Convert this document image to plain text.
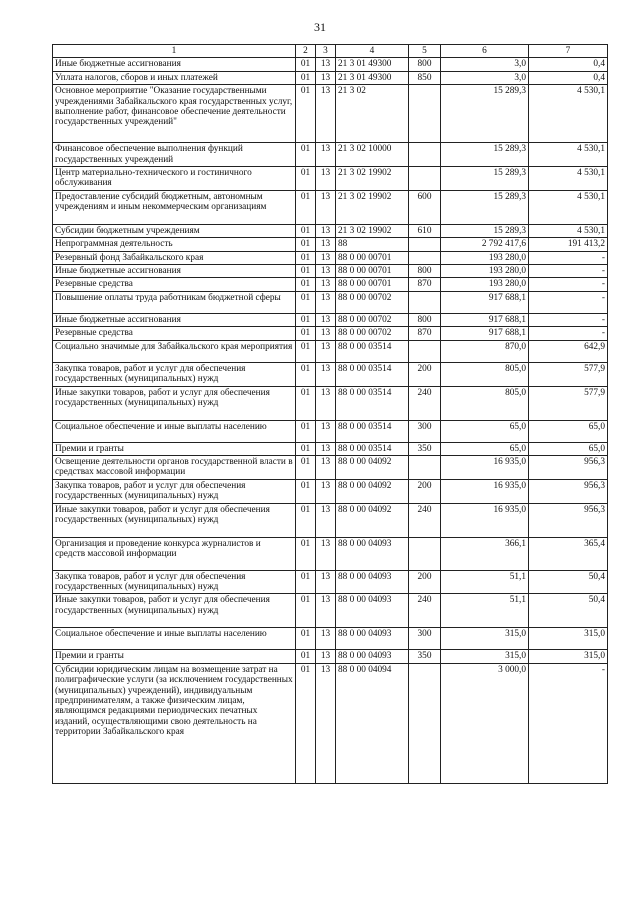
31
1	2	3	4	5	6	7
Иные бюджетные ассигнования	01	13	21 3 01 49300	800	3,0	0,4
Уплата налогов, сборов и иных платежей	01	13	21 3 01 49300	850	3,0	0,4
Основное мероприятие "Оказание государственными учреждениями Забайкальского края государственных услуг, выполнение работ, финансовое обеспечение деятельности государственных учреждений"	01	13	21 3 02		15 289,3	4 530,1
Финансовое обеспечение выполнения функций государственных учреждений	01	13	21 3 02 10000		15 289,3	4 530,1
Центр материально-технического и гостиничного обслуживания	01	13	21 3 02 19902		15 289,3	4 530,1
Предоставление субсидий бюджетным, автономным учреждениям и иным некоммерческим организациям	01	13	21 3 02 19902	600	15 289,3	4 530,1
Субсидии бюджетным учреждениям	01	13	21 3 02 19902	610	15 289,3	4 530,1
Непрограммная деятельность	01	13	88		2 792 417,6	191 413,2
Резервный фонд Забайкальского края	01	13	88 0 00 00701		193 280,0	-
Иные бюджетные ассигнования	01	13	88 0 00 00701	800	193 280,0	-
Резервные средства	01	13	88 0 00 00701	870	193 280,0	-
Повышение оплаты труда работникам бюджетной сферы	01	13	88 0 00 00702		917 688,1	-
Иные бюджетные ассигнования	01	13	88 0 00 00702	800	917 688,1	-
Резервные средства	01	13	88 0 00 00702	870	917 688,1	-
Социально значимые для Забайкальского края мероприятия	01	13	88 0 00 03514		870,0	642,9
Закупка товаров, работ и услуг для обеспечения государственных (муниципальных) нужд	01	13	88 0 00 03514	200	805,0	577,9
Иные закупки товаров, работ и услуг для обеспечения государственных (муниципальных) нужд	01	13	88 0 00 03514	240	805,0	577,9
Социальное обеспечение и иные выплаты населению	01	13	88 0 00 03514	300	65,0	65,0
Премии и гранты	01	13	88 0 00 03514	350	65,0	65,0
Освещение деятельности органов государственной власти в средствах массовой информации	01	13	88 0 00 04092		16 935,0	956,3
Закупка товаров, работ и услуг для обеспечения государственных (муниципальных) нужд	01	13	88 0 00 04092	200	16 935,0	956,3
Иные закупки товаров, работ и услуг для обеспечения государственных (муниципальных) нужд	01	13	88 0 00 04092	240	16 935,0	956,3
Организация и проведение конкурса журналистов и средств массовой информации	01	13	88 0 00 04093		366,1	365,4
Закупка товаров, работ и услуг для обеспечения государственных (муниципальных) нужд	01	13	88 0 00 04093	200	51,1	50,4
Иные закупки товаров, работ и услуг для обеспечения государственных (муниципальных) нужд	01	13	88 0 00 04093	240	51,1	50,4
Социальное обеспечение и иные выплаты населению	01	13	88 0 00 04093	300	315,0	315,0
Премии и гранты	01	13	88 0 00 04093	350	315,0	315,0
Субсидии юридическим лицам на возмещение затрат на полиграфические услуги (за исключением государственных (муниципальных) учреждений), индивидуальным предпринимателям, а также физическим лицам, являющимся редакциями периодических печатных изданий, осуществляющими свою деятельность на территории Забайкальского края	01	13	88 0 00 04094		3 000,0	-
